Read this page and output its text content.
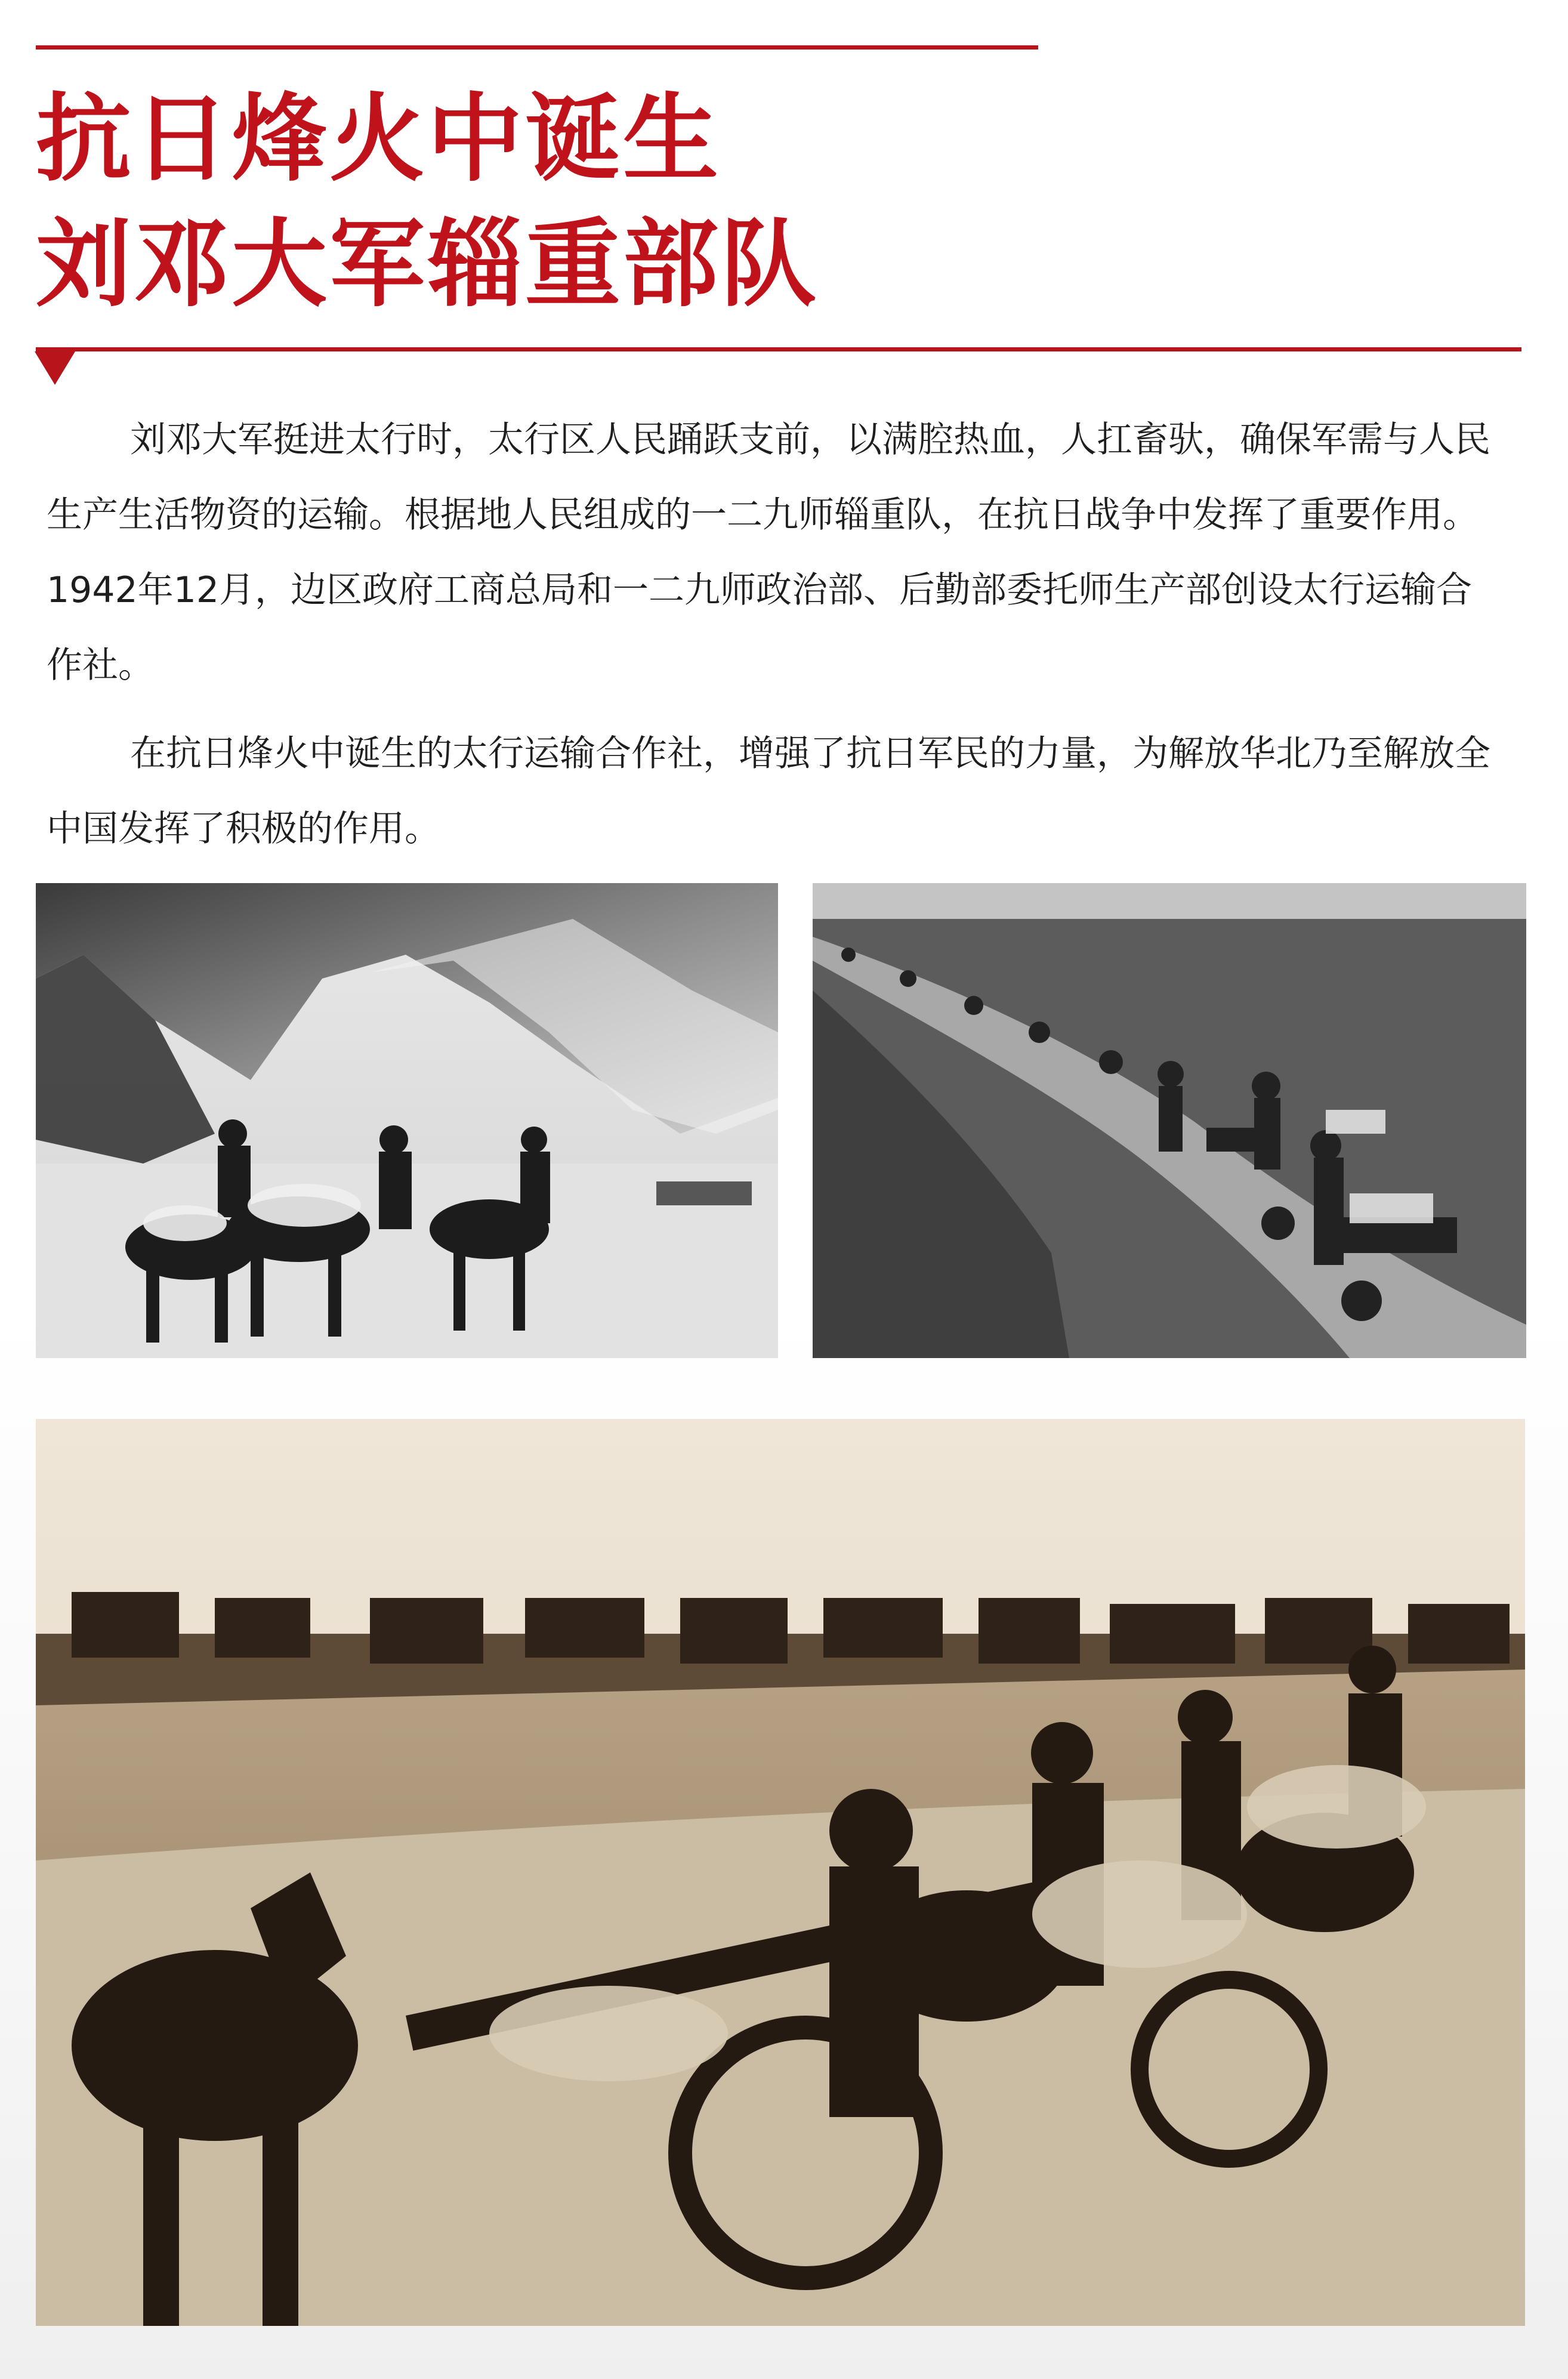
抗日烽火中诞生
刘邓大军辎重部队

刘邓大军挺进太行时，太行区人民踊跃支前，以满腔热血，人扛畜驮，确保军需与人民生产生活物资的运输。根据地人民组成的一二九师辎重队，在抗日战争中发挥了重要作用。1942年12月，边区政府工商总局和一二九师政治部、后勤部委托师生产部创设太行运输合作社。

在抗日烽火中诞生的太行运输合作社，增强了抗日军民的力量，为解放华北乃至解放全中国发挥了积极的作用。
